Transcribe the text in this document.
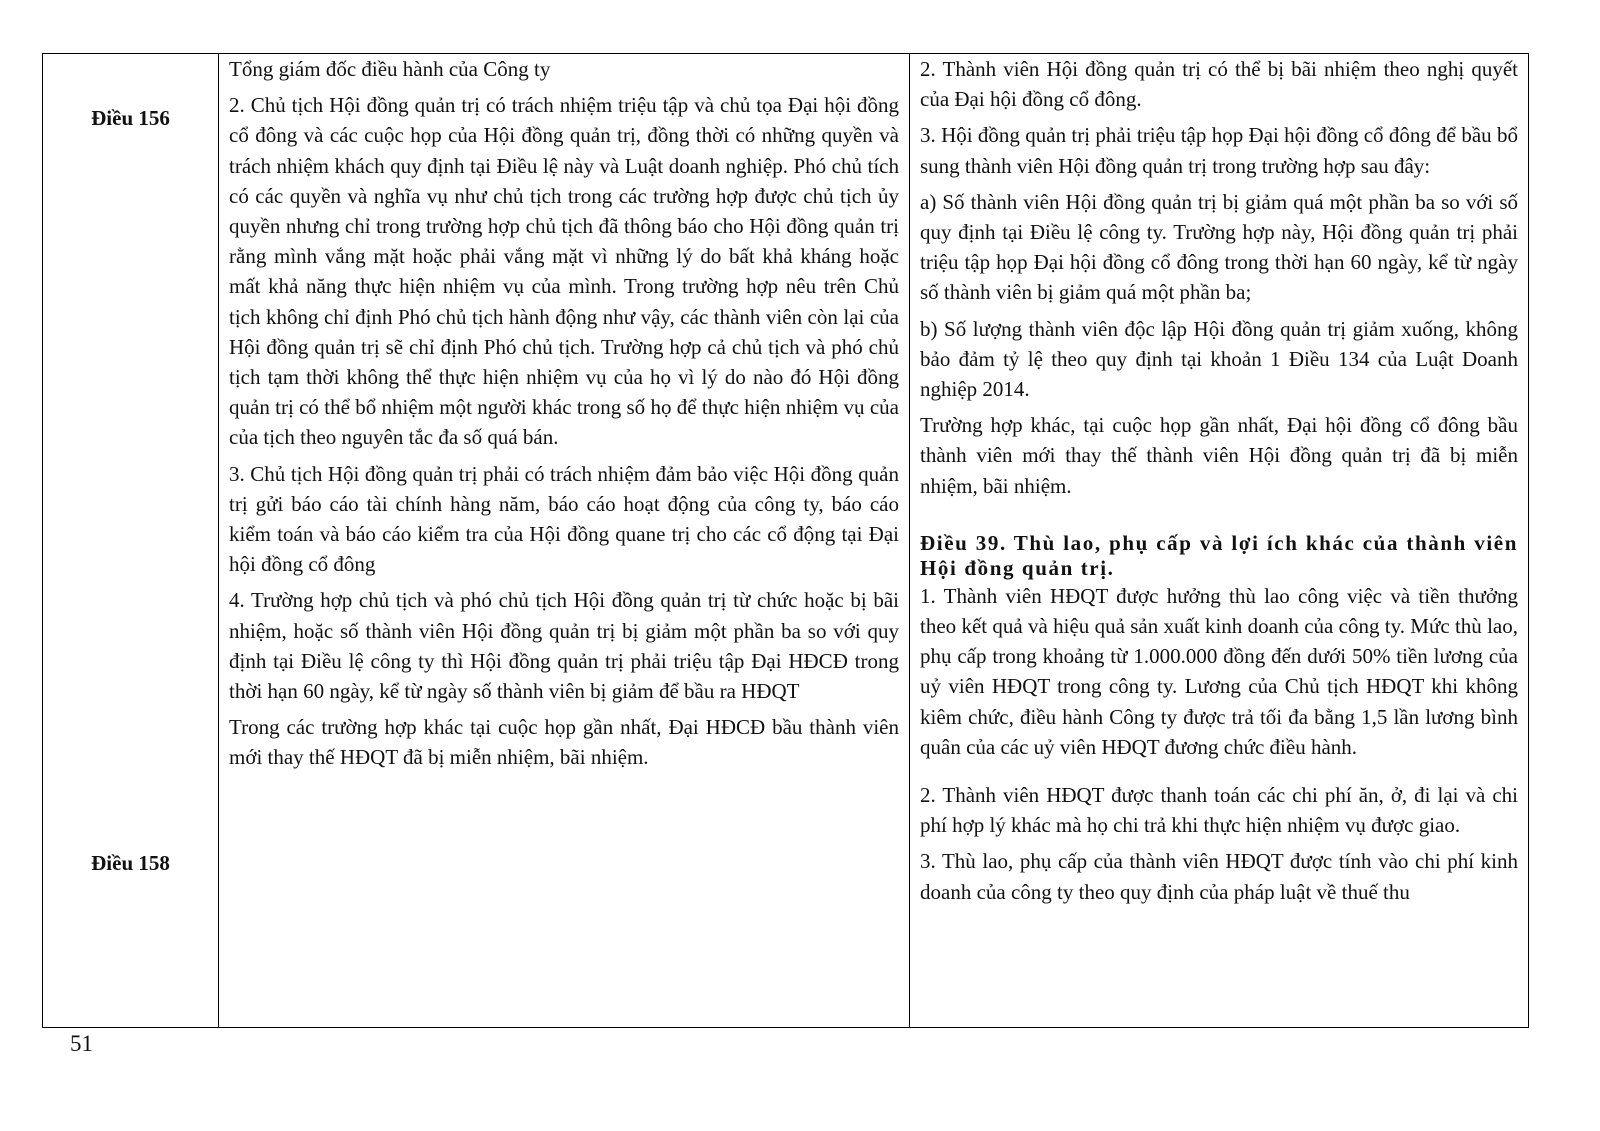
Điều 156
Điều 158

Tổng giám đốc điều hành của Công ty

2. Chủ tịch Hội đồng quản trị có trách nhiệm triệu tập và chủ tọa Đại hội đồng cổ đông và các cuộc họp của Hội đồng quản trị, đồng thời có những quyền và trách nhiệm khách quy định tại Điều lệ này và Luật doanh nghiệp. Phó chủ tích có các quyền và nghĩa vụ như chủ tịch trong các trường hợp được chủ tịch ủy quyền nhưng chỉ trong trường hợp chủ tịch đã thông báo cho Hội đồng quản trị rằng mình vắng mặt hoặc phải vắng mặt vì những lý do bất khả kháng hoặc mất khả năng thực hiện nhiệm vụ của mình. Trong trường hợp nêu trên Chủ tịch không chỉ định Phó chủ tịch hành động như vậy, các thành viên còn lại của Hội đồng quản trị sẽ chỉ định Phó chủ tịch. Trường hợp cả chủ tịch và phó chủ tịch tạm thời không thể thực hiện nhiệm vụ của họ vì lý do nào đó Hội đồng quản trị có thể bổ nhiệm một người khác trong số họ để thực hiện nhiệm vụ của của tịch theo nguyên tắc đa số quá bán.

3. Chủ tịch Hội đồng quản trị phải có trách nhiệm đảm bảo việc Hội đồng quản trị gửi báo cáo tài chính hàng năm, báo cáo hoạt động của công ty, báo cáo kiểm toán và báo cáo kiểm tra của Hội đồng quane trị cho các cổ động tại Đại hội đồng cổ đông

4. Trường hợp chủ tịch và phó chủ tịch Hội đồng quản trị từ chức hoặc bị bãi nhiệm, hoặc số thành viên Hội đồng quản trị bị giảm một phần ba so với quy định tại Điều lệ công ty thì Hội đồng quản trị phải triệu tập Đại HĐCĐ trong thời hạn 60 ngày, kể từ ngày số thành viên bị giảm để bầu ra HĐQT

Trong các trường hợp khác tại cuộc họp gần nhất, Đại HĐCĐ bầu thành viên mới thay thế HĐQT đã bị miễn nhiệm, bãi nhiệm.

2. Thành viên Hội đồng quản trị có thể bị bãi nhiệm theo nghị quyết của Đại hội đồng cổ đông.

3. Hội đồng quản trị phải triệu tập họp Đại hội đồng cổ đông để bầu bổ sung thành viên Hội đồng quản trị trong trường hợp sau đây:

a) Số thành viên Hội đồng quản trị bị giảm quá một phần ba so với số quy định tại Điều lệ công ty. Trường hợp này, Hội đồng quản trị phải triệu tập họp Đại hội đồng cổ đông trong thời hạn 60 ngày, kể từ ngày số thành viên bị giảm quá một phần ba;

b) Số lượng thành viên độc lập Hội đồng quản trị giảm xuống, không bảo đảm tỷ lệ theo quy định tại khoản 1 Điều 134 của Luật Doanh nghiệp 2014.

Trường hợp khác, tại cuộc họp gần nhất, Đại hội đồng cổ đông bầu thành viên mới thay thế thành viên Hội đồng quản trị đã bị miễn nhiệm, bãi nhiệm.

Điều 39. Thù lao, phụ cấp và lợi ích khác của thành viên Hội đồng quản trị.

1. Thành viên HĐQT được hưởng thù lao công việc và tiền thưởng theo kết quả và hiệu quả sản xuất kinh doanh của công ty. Mức thù lao, phụ cấp trong khoảng từ 1.000.000 đồng đến dưới 50% tiền lương của uỷ viên HĐQT trong công ty. Lương của Chủ tịch HĐQT khi không kiêm chức, điều hành Công ty được trả tối đa bằng 1,5 lần lương bình quân của các uỷ viên HĐQT đương chức điều hành.

2. Thành viên HĐQT được thanh toán các chi phí ăn, ở, đi lại và chi phí hợp lý khác mà họ chi trả khi thực hiện nhiệm vụ được giao.

3. Thù lao, phụ cấp của thành viên HĐQT được tính vào chi phí kinh doanh của công ty theo quy định của pháp luật về thuế thu

51
